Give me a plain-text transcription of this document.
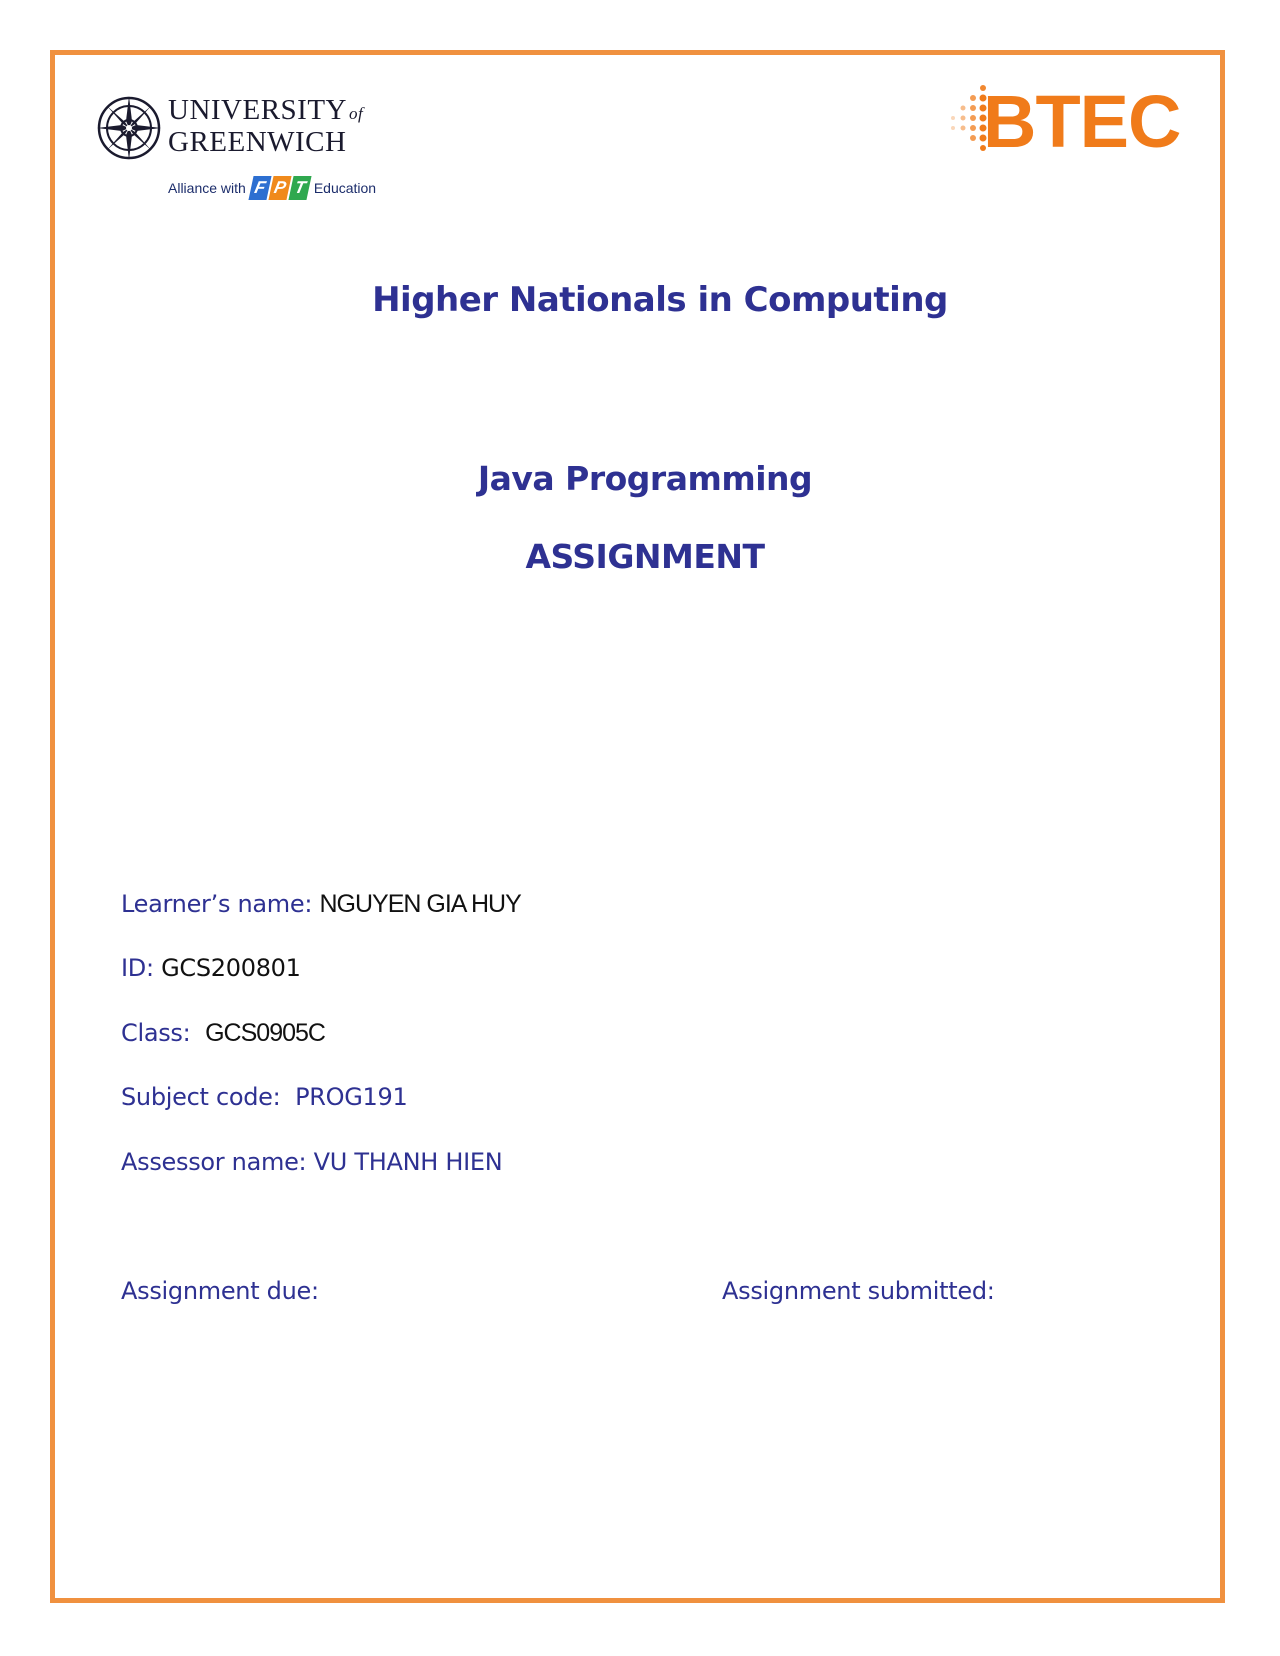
UNIVERSITY of
GREENWICH
Alliance with F P T Education
BTEC
Higher Nationals in Computing
Java Programming
ASSIGNMENT
Learner’s name: NGUYEN GIA HUY
ID: GCS200801
Class: GCS0905C
Subject code: PROG191
Assessor name: VU THANH HIEN
Assignment due:	Assignment submitted:
